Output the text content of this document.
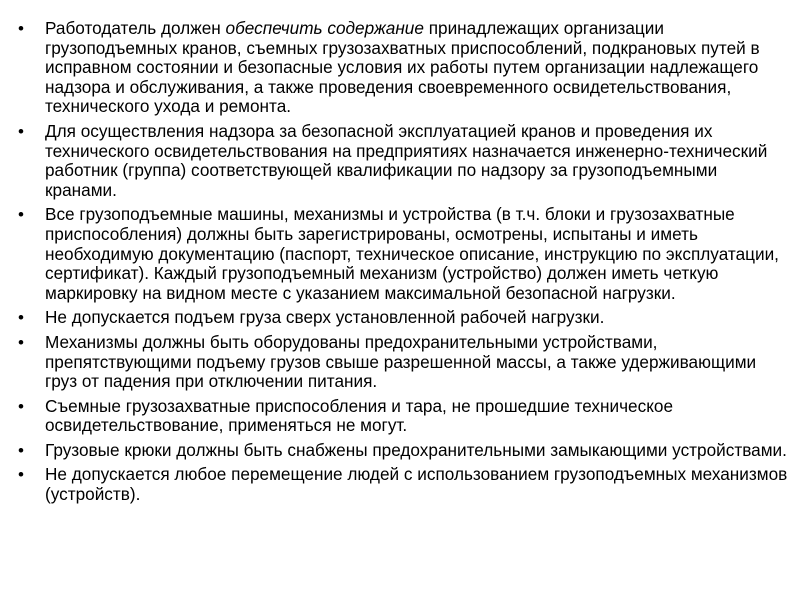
• Работодатель должен обеспечить содержание принадлежащих организации грузоподъемных кранов, съемных грузозахватных приспособлений, подкрановых путей в исправном состоянии и безопасные условия их работы путем организации надлежащего надзора и обслуживания, а также проведения своевременного освидетельствования, технического ухода и ремонта.
• Для осуществления надзора за безопасной эксплуатацией кранов и проведения их технического освидетельствования на предприятиях назначается инженерно-технический работник (группа) соответствующей квалификации по надзору за грузоподъемными кранами.
• Все грузоподъемные машины, механизмы и устройства (в т.ч. блоки и грузозахватные приспособления) должны быть зарегистрированы, осмотрены, испытаны и иметь необходимую документацию (паспорт, техническое описание, инструкцию по эксплуатации, сертификат). Каждый грузоподъемный механизм (устройство) должен иметь четкую маркировку на видном месте с указанием максимальной безопасной нагрузки.
• Не допускается подъем груза сверх установленной рабочей нагрузки.
• Механизмы должны быть оборудованы предохранительными устройствами, препятствующими подъему грузов свыше разрешенной массы, а также удерживающими груз от падения при отключении питания.
• Съемные грузозахватные приспособления и тара, не прошедшие техническое освидетельствование, применяться не могут.
• Грузовые крюки должны быть снабжены предохранительными замыкающими устройствами.
• Не допускается любое перемещение людей с использованием грузоподъемных механизмов (устройств).
